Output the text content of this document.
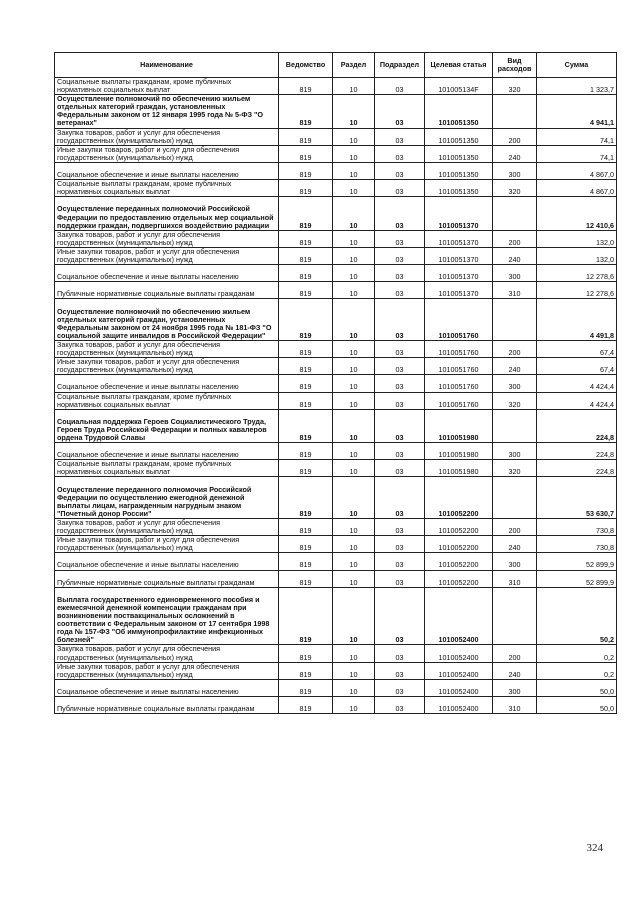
Наименование	Ведомство	Раздел	Подраздел	Целевая статья	Вид расходов	Сумма
Социальные выплаты гражданам, кроме публичных нормативных социальных выплат	819	10	03	101005134F	320	1 323,7
Осуществление полномочий по обеспечению жильем отдельных категорий граждан, установленных Федеральным законом от 12 января 1995 года № 5-ФЗ "О ветеранах"	819	10	03	1010051350		4 941,1
Закупка товаров, работ и услуг для обеспечения государственных (муниципальных) нужд	819	10	03	1010051350	200	74,1
Иные закупки товаров, работ и услуг для обеспечения государственных (муниципальных) нужд	819	10	03	1010051350	240	74,1
Социальное обеспечение и иные выплаты населению	819	10	03	1010051350	300	4 867,0
Социальные выплаты гражданам, кроме публичных нормативных социальных выплат	819	10	03	1010051350	320	4 867,0
Осуществление переданных полномочий Российской Федерации по предоставлению отдельных мер социальной поддержки граждан, подвергшихся воздействию радиации	819	10	03	1010051370		12 410,6
Закупка товаров, работ и услуг для обеспечения государственных (муниципальных) нужд	819	10	03	1010051370	200	132,0
Иные закупки товаров, работ и услуг для обеспечения государственных (муниципальных) нужд	819	10	03	1010051370	240	132,0
Социальное обеспечение и иные выплаты населению	819	10	03	1010051370	300	12 278,6
Публичные нормативные социальные выплаты гражданам	819	10	03	1010051370	310	12 278,6
Осуществление полномочий по обеспечению жильем отдельных категорий граждан, установленных Федеральным законом от 24 ноября 1995 года № 181-ФЗ "О социальной защите инвалидов в Российской Федерации"	819	10	03	1010051760		4 491,8
Закупка товаров, работ и услуг для обеспечения государственных (муниципальных) нужд	819	10	03	1010051760	200	67,4
Иные закупки товаров, работ и услуг для обеспечения государственных (муниципальных) нужд	819	10	03	1010051760	240	67,4
Социальное обеспечение и иные выплаты населению	819	10	03	1010051760	300	4 424,4
Социальные выплаты гражданам, кроме публичных нормативных социальных выплат	819	10	03	1010051760	320	4 424,4
Социальная поддержка Героев Социалистического Труда, Героев Труда Российской Федерации и полных кавалеров ордена Трудовой Славы	819	10	03	1010051980		224,8
Социальное обеспечение и иные выплаты населению	819	10	03	1010051980	300	224,8
Социальные выплаты гражданам, кроме публичных нормативных социальных выплат	819	10	03	1010051980	320	224,8
Осуществление переданного полномочия Российской Федерации по осуществлению ежегодной денежной выплаты лицам, награжденным нагрудным знаком "Почетный донор России"	819	10	03	1010052200		53 630,7
Закупка товаров, работ и услуг для обеспечения государственных (муниципальных) нужд	819	10	03	1010052200	200	730,8
Иные закупки товаров, работ и услуг для обеспечения государственных (муниципальных) нужд	819	10	03	1010052200	240	730,8
Социальное обеспечение и иные выплаты населению	819	10	03	1010052200	300	52 899,9
Публичные нормативные социальные выплаты гражданам	819	10	03	1010052200	310	52 899,9
Выплата государственного единовременного пособия и ежемесячной денежной компенсации гражданам при возникновении поствакцинальных осложнений в соответствии с Федеральным законом от 17 сентября 1998 года № 157-ФЗ "Об иммунопрофилактике инфекционных болезней"	819	10	03	1010052400		50,2
Закупка товаров, работ и услуг для обеспечения государственных (муниципальных) нужд	819	10	03	1010052400	200	0,2
Иные закупки товаров, работ и услуг для обеспечения государственных (муниципальных) нужд	819	10	03	1010052400	240	0,2
Социальное обеспечение и иные выплаты населению	819	10	03	1010052400	300	50,0
Публичные нормативные социальные выплаты гражданам	819	10	03	1010052400	310	50,0
324
